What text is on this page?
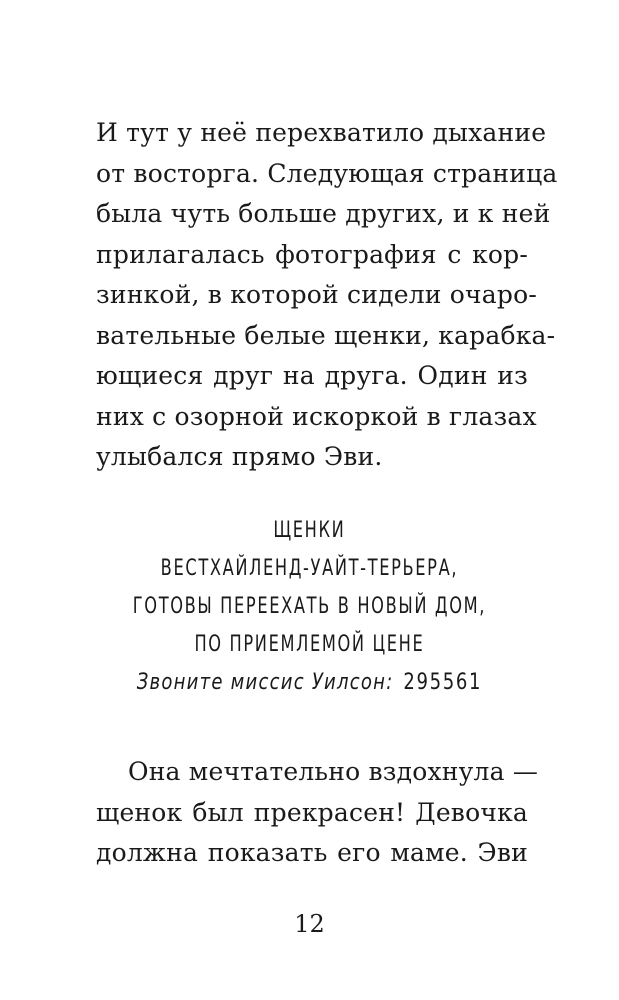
И тут у неё перехватило дыхание
от восторга. Следующая страница
была чуть больше других, и к ней
прилагалась фотография с кор-
зинкой, в которой сидели очаро-
вательные белые щенки, карабка-
ющиеся друг на друга. Один из
них с озорной искоркой в глазах
улыбался прямо Эви.
ЩЕНКИ
ВЕСТХАЙЛЕНД-УАЙТ-ТЕРЬЕРА,
ГОТОВЫ ПЕРЕЕХАТЬ В НОВЫЙ ДОМ,
ПО ПРИЕМЛЕМОЙ ЦЕНЕ
Звоните миссис Уилсон: 295561
Она мечтательно вздохнула —
щенок был прекрасен! Девочка
должна показать его маме. Эви
12
